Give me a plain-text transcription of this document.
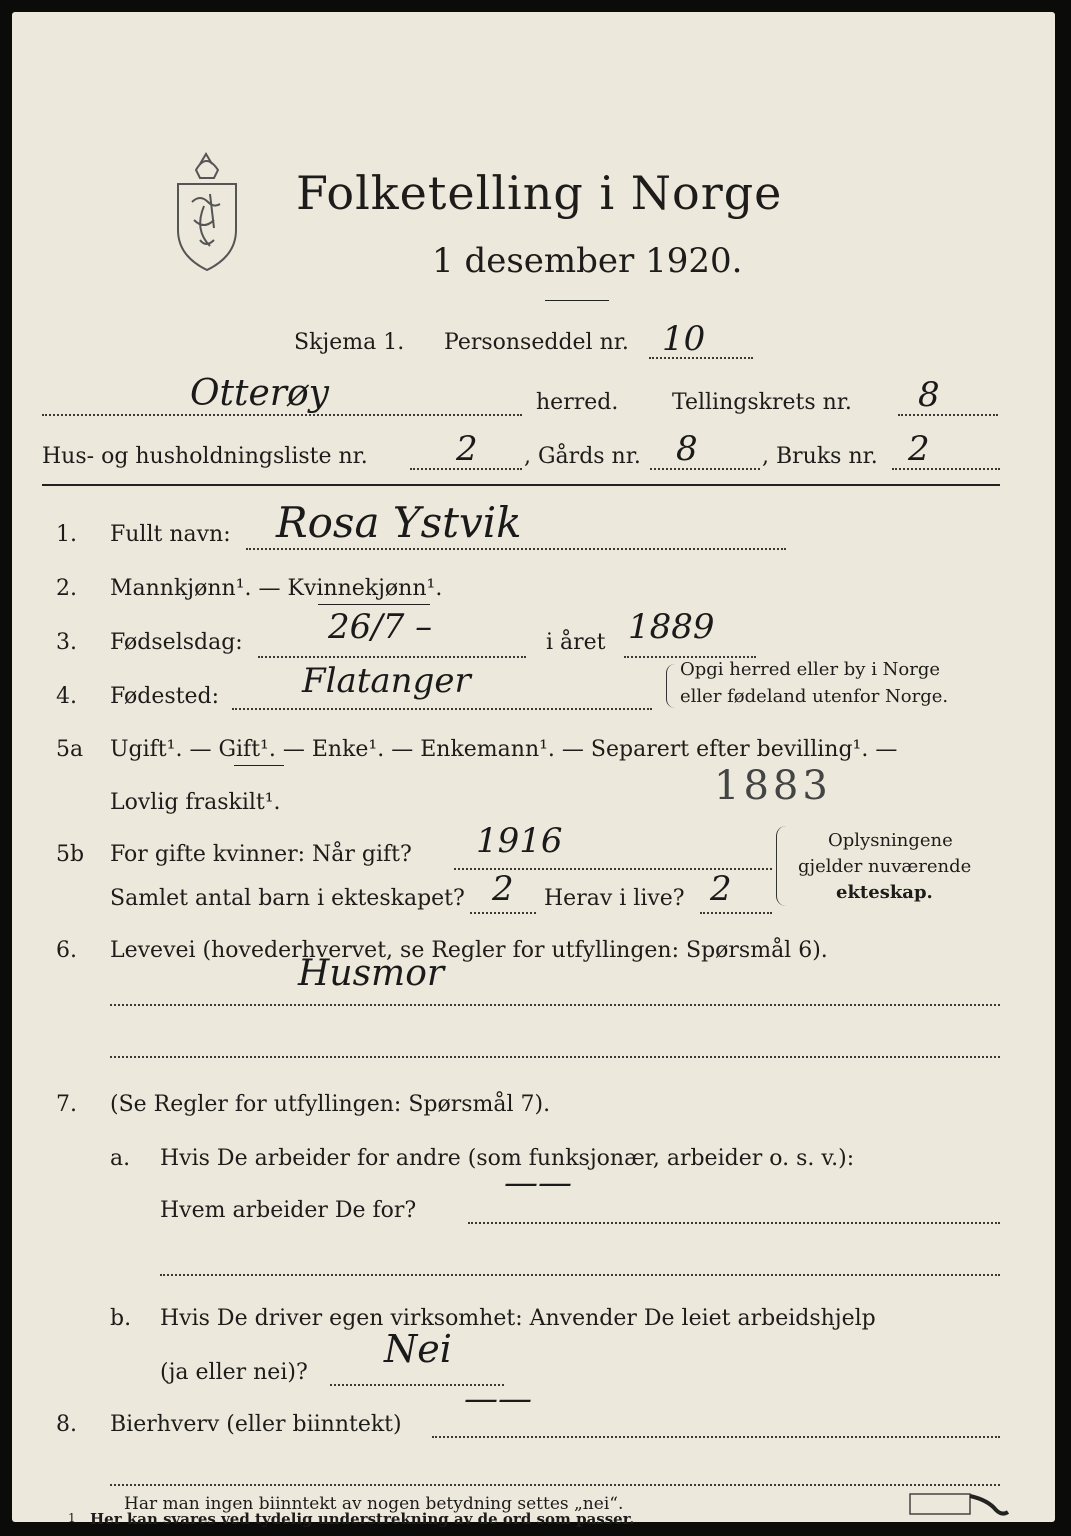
Folketelling i Norge
1 desember 1920.
Skjema 1. Personseddel nr. 10
Otterøy	herred. Tellingskrets nr. 8
Hus- og husholdningsliste nr.	2 , Gårds nr. 8	, Bruks nr. 2
1. Fullt navn: Rosa Ystvik
2. Mannkjønn¹. — Kvinnekjønn¹.
3. Fødselsdag:	26/7 –	i året 1889
4. Fødested: Flatanger	Opgi herred eller by i Norge
eller fødeland utenfor Norge.
5a Ugift¹. — Gift¹. — Enke¹. — Enkemann¹. — Separert efter bevilling¹. —
Lovlig fraskilt¹.	1883
5b For gifte kvinner: Når gift? 1916
Samlet antal barn i ekteskapet? 2 Herav i live? 2
Oplysningene
gjelder nuværende
ekteskap.
6. Levevei (hovederhvervet, se Regler for utfyllingen: Spørsmål 6).
Husmor
7. (Se Regler for utfyllingen: Spørsmål 7).
a. Hvis De arbeider for andre (som funksjonær, arbeider o. s. v.):
Hvem arbeider De for?
——
b. Hvis De driver egen virksomhet: Anvender De leiet arbeidshjelp
(ja eller nei)?
Nei
8. Bierhverv (eller biinntekt)
——
Har man ingen biinntekt av nogen betydning settes „nei“.
1 Her kan svares ved tydelig understrekning av de ord som passer.
